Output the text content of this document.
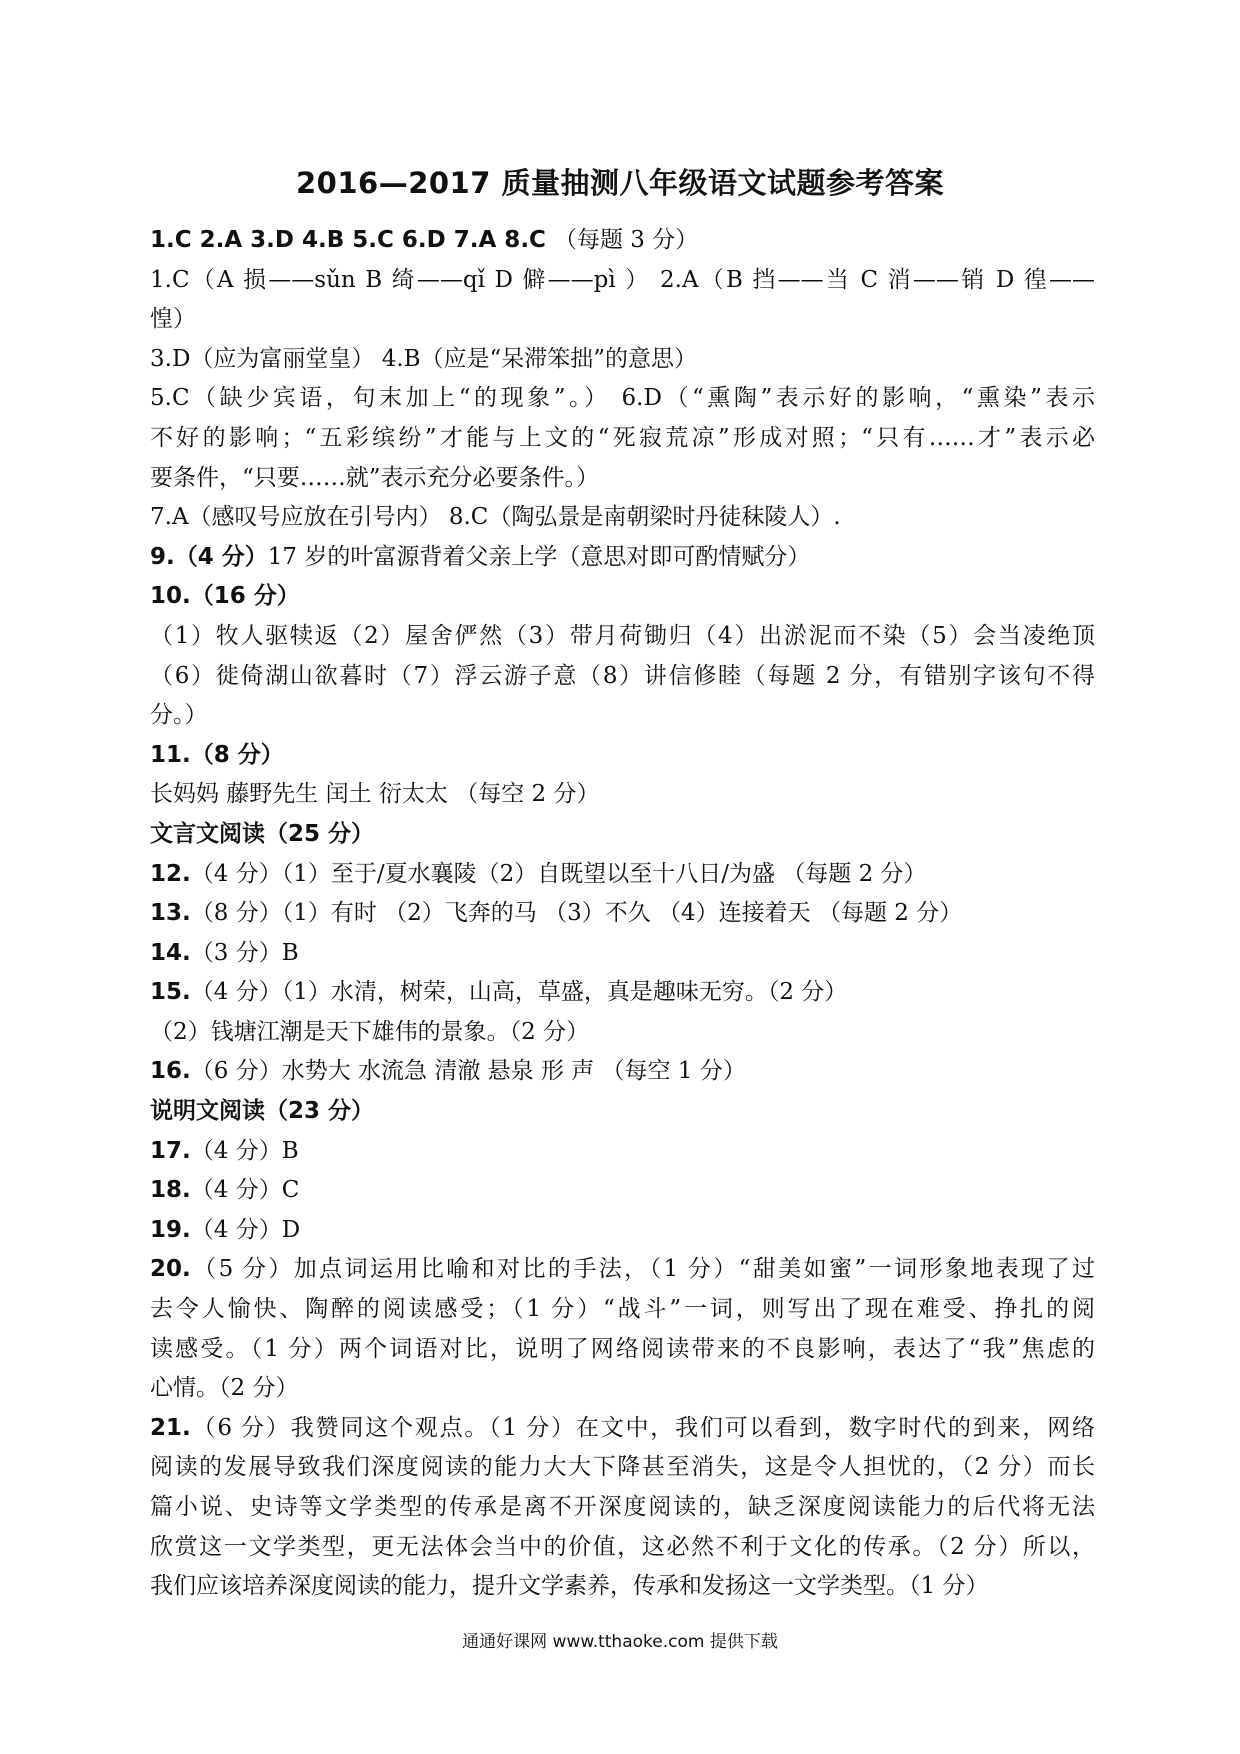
2016—2017 质量抽测八年级语文试题参考答案
1.C 2.A 3.D 4.B 5.C 6.D 7.A 8.C （每题 3 分）
1.C（A 损——sǔn B 绮——qǐ D 僻——pì ） 2.A（B 挡——当 C 消——销 D 徨——
惶）
3.D（应为富丽堂皇） 4.B（应是“呆滞笨拙”的意思）
5.C（缺少宾语，句末加上“的现象”。） 6.D（“熏陶”表示好的影响，“熏染”表示
不好的影响；“五彩缤纷”才能与上文的“死寂荒凉”形成对照；“只有……才”表示必
要条件，“只要……就”表示充分必要条件。）
7.A（感叹号应放在引号内） 8.C（陶弘景是南朝梁时丹徒秣陵人）.
9.（4 分）17 岁的叶富源背着父亲上学（意思对即可酌情赋分）
10.（16 分）
（1）牧人驱犊返（2）屋舍俨然（3）带月荷锄归（4）出淤泥而不染（5）会当凌绝顶
（6）徙倚湖山欲暮时（7）浮云游子意（8）讲信修睦（每题 2 分，有错别字该句不得
分。）
11.（8 分）
长妈妈 藤野先生 闰土 衍太太 （每空 2 分）
文言文阅读（25 分）
12.（4 分）（1）至于/夏水襄陵（2）自既望以至十八日/为盛 （每题 2 分）
13.（8 分）（1）有时 （2）飞奔的马 （3）不久 （4）连接着天 （每题 2 分）
14.（3 分）B
15.（4 分）（1）水清，树荣，山高，草盛，真是趣味无穷。（2 分）
（2）钱塘江潮是天下雄伟的景象。（2 分）
16.（6 分）水势大 水流急 清澈 悬泉 形 声 （每空 1 分）
说明文阅读（23 分）
17.（4 分）B
18.（4 分）C
19.（4 分）D
20.（5 分）加点词运用比喻和对比的手法，（1 分）“甜美如蜜”一词形象地表现了过
去令人愉快、陶醉的阅读感受；（1 分）“战斗”一词，则写出了现在难受、挣扎的阅
读感受。（1 分）两个词语对比，说明了网络阅读带来的不良影响，表达了“我”焦虑的
心情。（2 分）
21.（6 分）我赞同这个观点。（1 分）在文中，我们可以看到，数字时代的到来，网络
阅读的发展导致我们深度阅读的能力大大下降甚至消失，这是令人担忧的，（2 分）而长
篇小说、史诗等文学类型的传承是离不开深度阅读的，缺乏深度阅读能力的后代将无法
欣赏这一文学类型，更无法体会当中的价值，这必然不利于文化的传承。（2 分）所以，
我们应该培养深度阅读的能力，提升文学素养，传承和发扬这一文学类型。（1 分）
通通好课网 www.tthaoke.com 提供下载
